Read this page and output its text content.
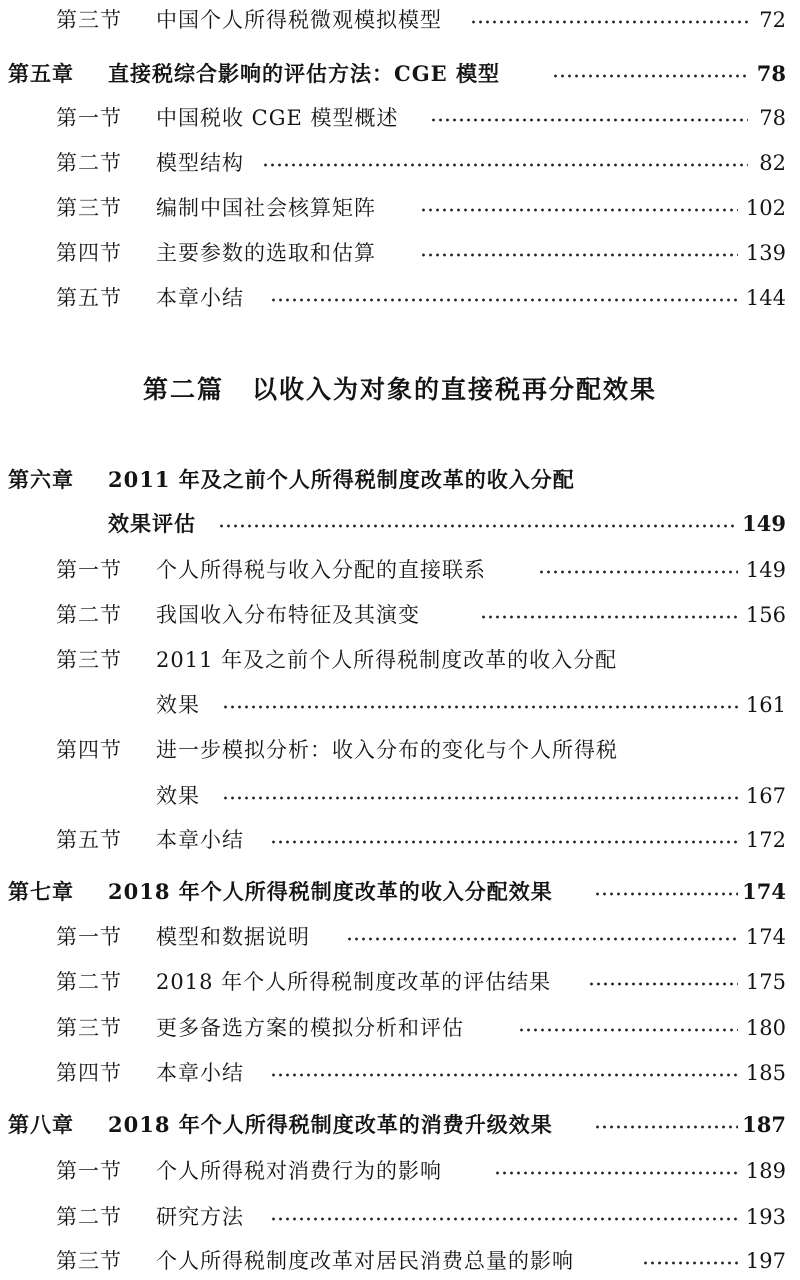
第三节 中国个人所得税微观模拟模型	72
第五章 直接税综合影响的评估方法：CGE 模型	78
第一节 中国税收 CGE 模型概述	78
第二节 模型结构	82
第三节 编制中国社会核算矩阵	102
第四节 主要参数的选取和估算	139
第五节 本章小结	144
第二篇 以收入为对象的直接税再分配效果
第六章 2011 年及之前个人所得税制度改革的收入分配
效果评估	149
第一节 个人所得税与收入分配的直接联系	149
第二节 我国收入分布特征及其演变	156
第三节 2011 年及之前个人所得税制度改革的收入分配
效果	161
第四节 进一步模拟分析：收入分布的变化与个人所得税
效果	167
第五节 本章小结	172
第七章 2018 年个人所得税制度改革的收入分配效果	174
第一节 模型和数据说明	174
第二节 2018 年个人所得税制度改革的评估结果	175
第三节 更多备选方案的模拟分析和评估	180
第四节 本章小结	185
第八章 2018 年个人所得税制度改革的消费升级效果	187
第一节 个人所得税对消费行为的影响	189
第二节 研究方法	193
第三节 个人所得税制度改革对居民消费总量的影响	197
